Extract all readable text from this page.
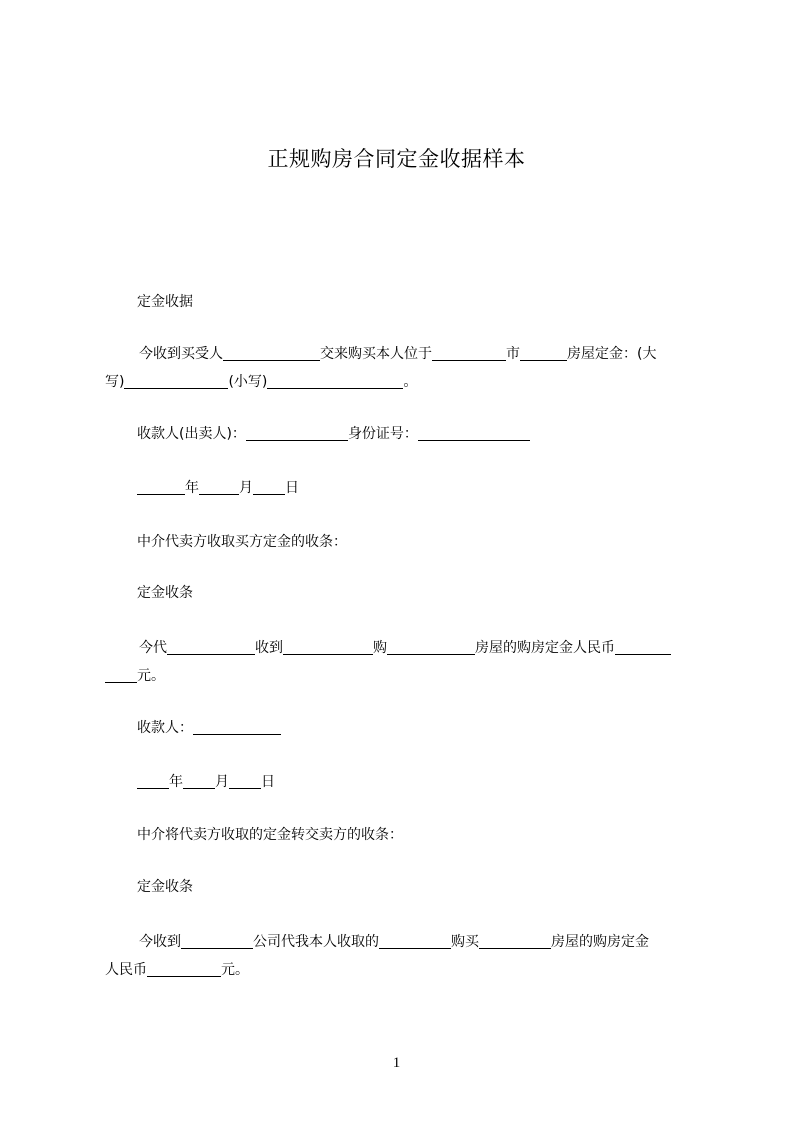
正规购房合同定金收据样本
定金收据
今收到买受人	交来购买本人位于	市	房屋定金：(大
写)	(小写)	。
收款人(出卖人)：	身份证号：
年	月 日
中介代卖方收取买方定金的收条：
定金收条
今代	收到	购	房屋的购房定金人民币
元。
收款人：
年 月 日
中介将代卖方收取的定金转交卖方的收条：
定金收条
今收到	公司代我本人收取的	购买	房屋的购房定金
人民币	元。
1
